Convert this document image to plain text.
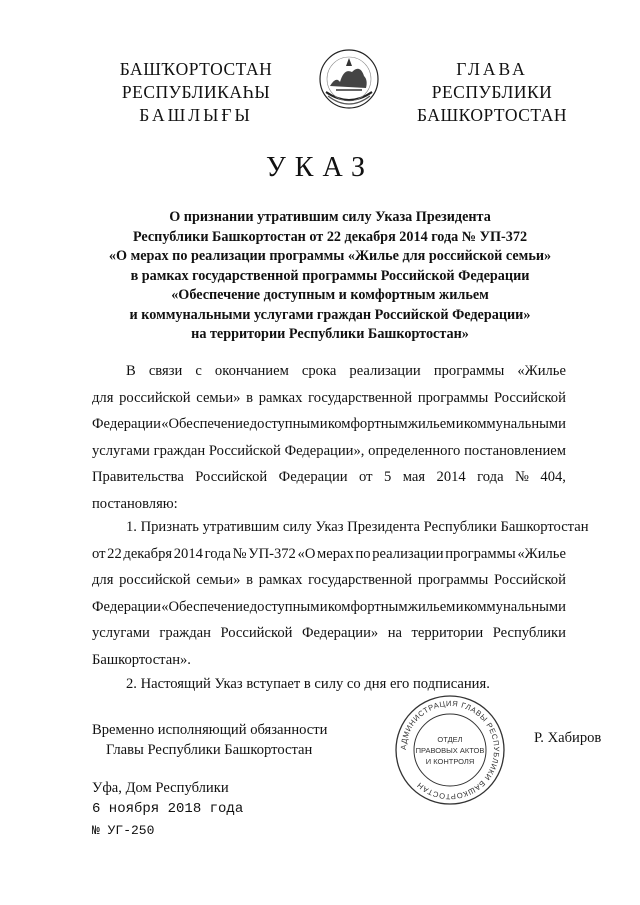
БАШҠОРТОСТАН
РЕСПУБЛИКАҺЫ
БАШЛЫҒЫ
ГЛАВА
РЕСПУБЛИКИ
БАШКОРТОСТАН
УКАЗ
О признании утратившим силу Указа Президента
Республики Башкортостан от 22 декабря 2014 года № УП-372
«О мерах по реализации программы «Жилье для российской семьи»
в рамках государственной программы Российской Федерации
«Обеспечение доступным и комфортным жильем
и коммунальными услугами граждан Российской Федерации»
на территории Республики Башкортостан»
В связи с окончанием срока реализации программы «Жилье
для российской семьи» в рамках государственной программы Российской
Федерации «Обеспечение доступным и комфортным жильем и коммунальными
услугами граждан Российской Федерации», определенного постановлением
Правительства Российской Федерации от 5 мая 2014 года № 404,
постановляю:
1. Признать утратившим силу Указ Президента Республики Башкортостан
от 22 декабря 2014 года № УП-372 «О мерах по реализации программы «Жилье
для российской семьи» в рамках государственной программы Российской
Федерации «Обеспечение доступным и комфортным жильем и коммунальными
услугами граждан Российской Федерации» на территории Республики
Башкортостан».
2. Настоящий Указ вступает в силу со дня его подписания.
Временно исполняющий обязанности
Главы Республики Башкортостан	АДМИНИСТРАЦИЯ ГЛАВЫ РЕСПУБЛИКИ БАШКОРТОСТАН
ОТДЕЛ
ПРАВОВЫХ АКТОВ
И КОНТРОЛЯ
Р. Хабиров
Уфа, Дом Республики
6 ноября 2018 года
№ УГ-250
